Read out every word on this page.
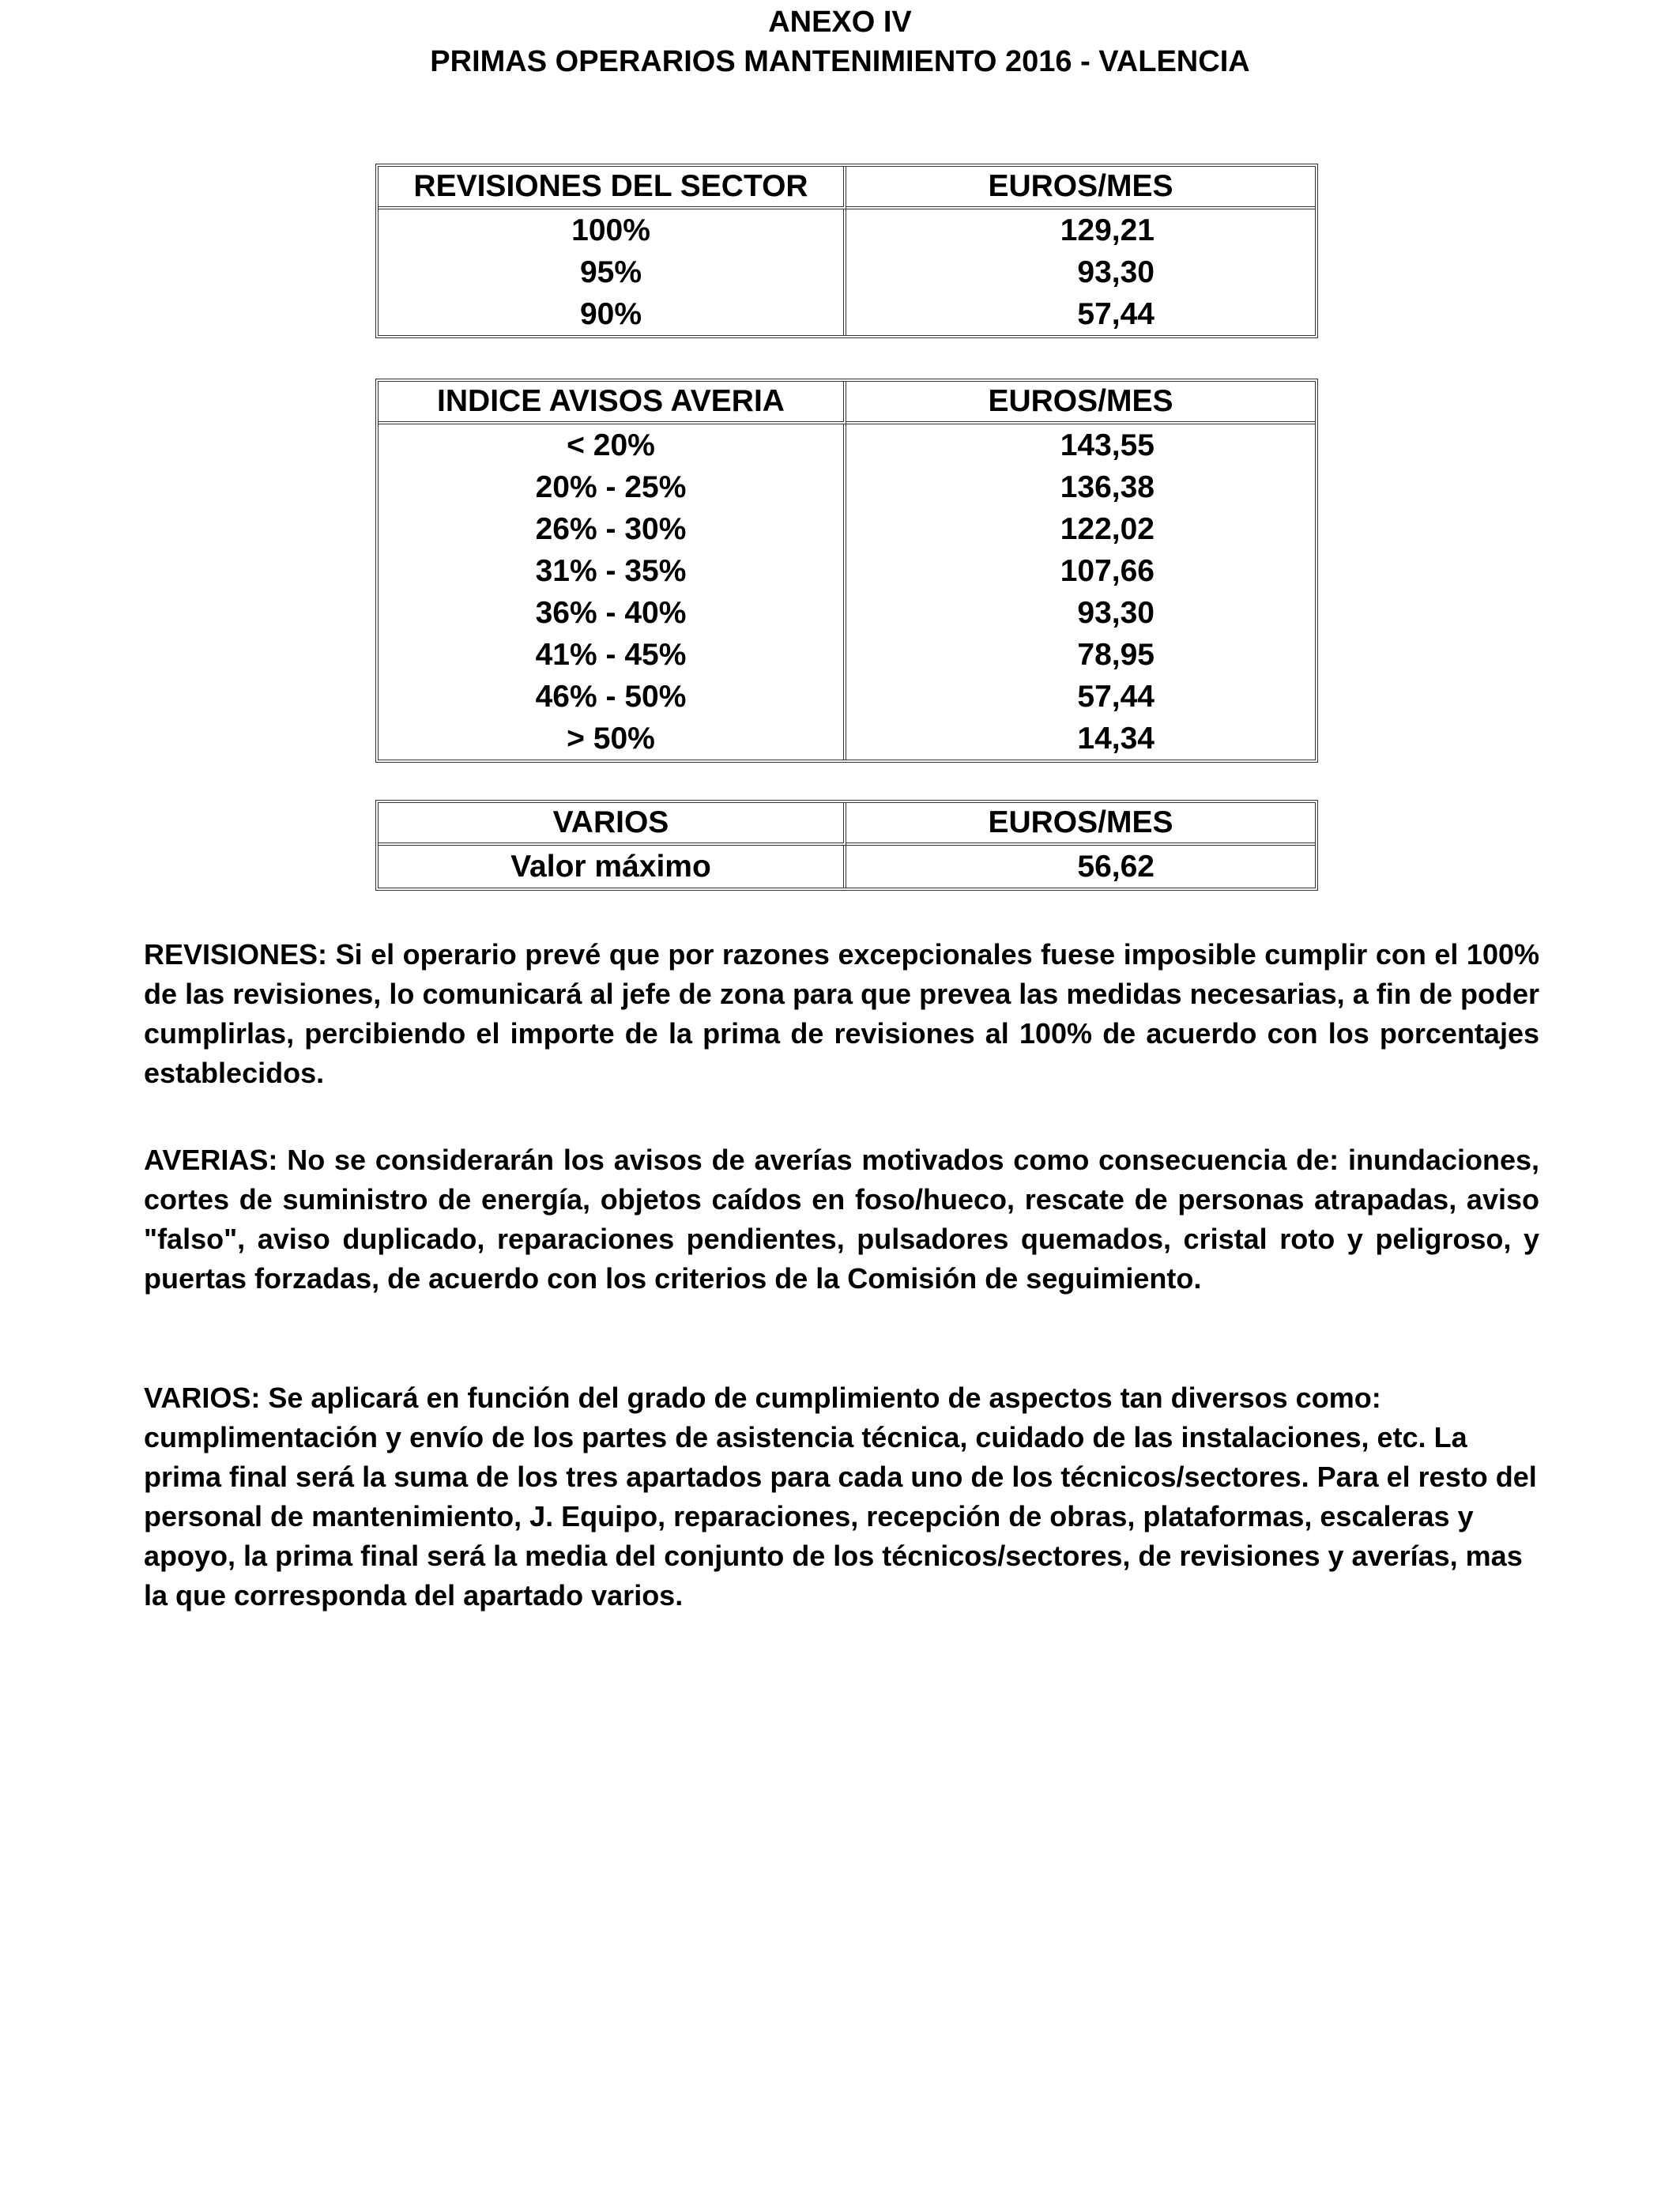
ANEXO IV
PRIMAS OPERARIOS MANTENIMIENTO 2016 - VALENCIA
REVISIONES DEL SECTOR	EUROS/MES
100%	129,21
95%	93,30
90%	57,44
INDICE AVISOS AVERIA	EUROS/MES
< 20%	143,55
20% - 25%	136,38
26% - 30%	122,02
31% - 35%	107,66
36% - 40%	93,30
41% - 45%	78,95
46% - 50%	57,44
> 50%	14,34
VARIOS	EUROS/MES
Valor máximo	56,62
REVISIONES: Si el operario prevé que por razones excepcionales fuese imposible cumplir con el 100% de las revisiones, lo comunicará al jefe de zona para que prevea las medidas necesarias, a fin de poder cumplirlas, percibiendo el importe de la prima de revisiones al 100% de acuerdo con los porcentajes establecidos.
AVERIAS: No se considerarán los avisos de averías motivados como consecuencia de: inundaciones, cortes de suministro de energía, objetos caídos en foso/hueco, rescate de personas atrapadas, aviso "falso", aviso duplicado, reparaciones pendientes, pulsadores quemados, cristal roto y peligroso, y puertas forzadas, de acuerdo con los criterios de la Comisión de seguimiento.
VARIOS: Se aplicará en función del grado de cumplimiento de aspectos tan diversos como: cumplimentación y envío de los partes de asistencia técnica, cuidado de las instalaciones, etc. La prima final será la suma de los tres apartados para cada uno de los técnicos/sectores. Para el resto del personal de mantenimiento, J. Equipo, reparaciones, recepción de obras, plataformas, escaleras y apoyo, la prima final será la media del conjunto de los técnicos/sectores, de revisiones y averías, mas la que corresponda del apartado varios.
